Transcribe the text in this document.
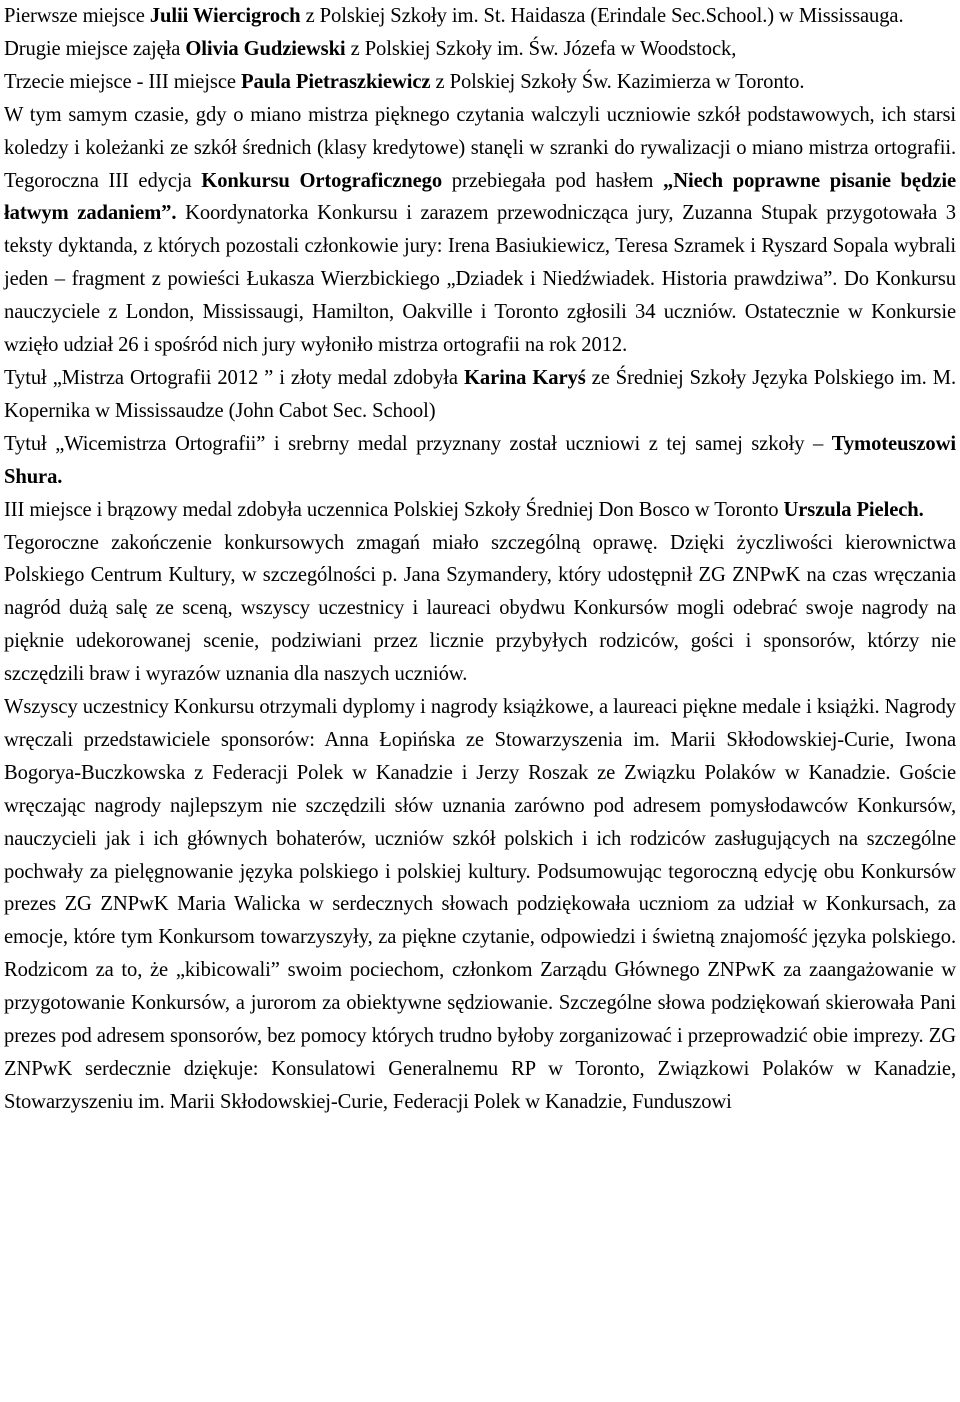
Pierwsze miejsce Julii Wiercigroch z Polskiej Szkoły im. St. Haidasza (Erindale Sec.School.) w Mississauga.

Drugie miejsce zajęła Olivia Gudziewski z Polskiej Szkoły im. Św. Józefa w Woodstock,

Trzecie miejsce - III miejsce Paula Pietraszkiewicz z Polskiej Szkoły Św. Kazimierza w Toronto.

W tym samym czasie, gdy o miano mistrza pięknego czytania walczyli uczniowie szkół podstawowych, ich starsi koledzy i koleżanki ze szkół średnich (klasy kredytowe) stanęli w szranki do rywalizacji o miano mistrza ortografii. Tegoroczna III edycja Konkursu Ortograficznego przebiegała pod hasłem „Niech poprawne pisanie będzie łatwym zadaniem”. Koordynatorka Konkursu i zarazem przewodnicząca jury, Zuzanna Stupak przygotowała 3 teksty dyktanda, z których pozostali członkowie jury: Irena Basiukiewicz, Teresa Szramek i Ryszard Sopala wybrali jeden – fragment z powieści Łukasza Wierzbickiego „Dziadek i Niedźwiadek. Historia prawdziwa”. Do Konkursu nauczyciele z London, Mississaugi, Hamilton, Oakville i Toronto zgłosili 34 uczniów. Ostatecznie w Konkursie wzięło udział 26 i spośród nich jury wyłoniło mistrza ortografii na rok 2012.

Tytuł „Mistrza Ortografii 2012 ” i złoty medal zdobyła Karina Karyś ze Średniej Szkoły Języka Polskiego im. M. Kopernika w Mississaudze (John Cabot Sec. School)

Tytuł „Wicemistrza Ortografii” i srebrny medal przyznany został uczniowi z tej samej szkoły – Tymoteuszowi Shura.

III miejsce i brązowy medal zdobyła uczennica Polskiej Szkoły Średniej Don Bosco w Toronto Urszula Pielech.

Tegoroczne zakończenie konkursowych zmagań miało szczególną oprawę. Dzięki życzliwości kierownictwa Polskiego Centrum Kultury, w szczególności p. Jana Szymandery, który udostępnił ZG ZNPwK na czas wręczania nagród dużą salę ze sceną, wszyscy uczestnicy i laureaci obydwu Konkursów mogli odebrać swoje nagrody na pięknie udekorowanej scenie, podziwiani przez licznie przybyłych rodziców, gości i sponsorów, którzy nie szczędzili braw i wyrazów uznania dla naszych uczniów.

Wszyscy uczestnicy Konkursu otrzymali dyplomy i nagrody książkowe, a laureaci piękne medale i książki. Nagrody wręczali przedstawiciele sponsorów: Anna Łopińska ze Stowarzyszenia im. Marii Skłodowskiej-Curie, Iwona Bogorya-Buczkowska z Federacji Polek w Kanadzie i Jerzy Roszak ze Związku Polaków w Kanadzie. Goście wręczając nagrody najlepszym nie szczędzili słów uznania zarówno pod adresem pomysłodawców Konkursów, nauczycieli jak i ich głównych bohaterów, uczniów szkół polskich i ich rodziców zasługujących na szczególne pochwały za pielęgnowanie języka polskiego i polskiej kultury. Podsumowując tegoroczną edycję obu Konkursów prezes ZG ZNPwK Maria Walicka w serdecznych słowach podziękowała uczniom za udział w Konkursach, za emocje, które tym Konkursom towarzyszyły, za piękne czytanie, odpowiedzi i świetną znajomość języka polskiego. Rodzicom za to, że „kibicowali” swoim pociechom, członkom Zarządu Głównego ZNPwK za zaangażowanie w przygotowanie Konkursów, a jurorom za obiektywne sędziowanie. Szczególne słowa podziękowań skierowała Pani prezes pod adresem sponsorów, bez pomocy których trudno byłoby zorganizować i przeprowadzić obie imprezy. ZG ZNPwK serdecznie dziękuje: Konsulatowi Generalnemu RP w Toronto, Związkowi Polaków w Kanadzie, Stowarzyszeniu im. Marii Skłodowskiej-Curie, Federacji Polek w Kanadzie, Funduszowi
